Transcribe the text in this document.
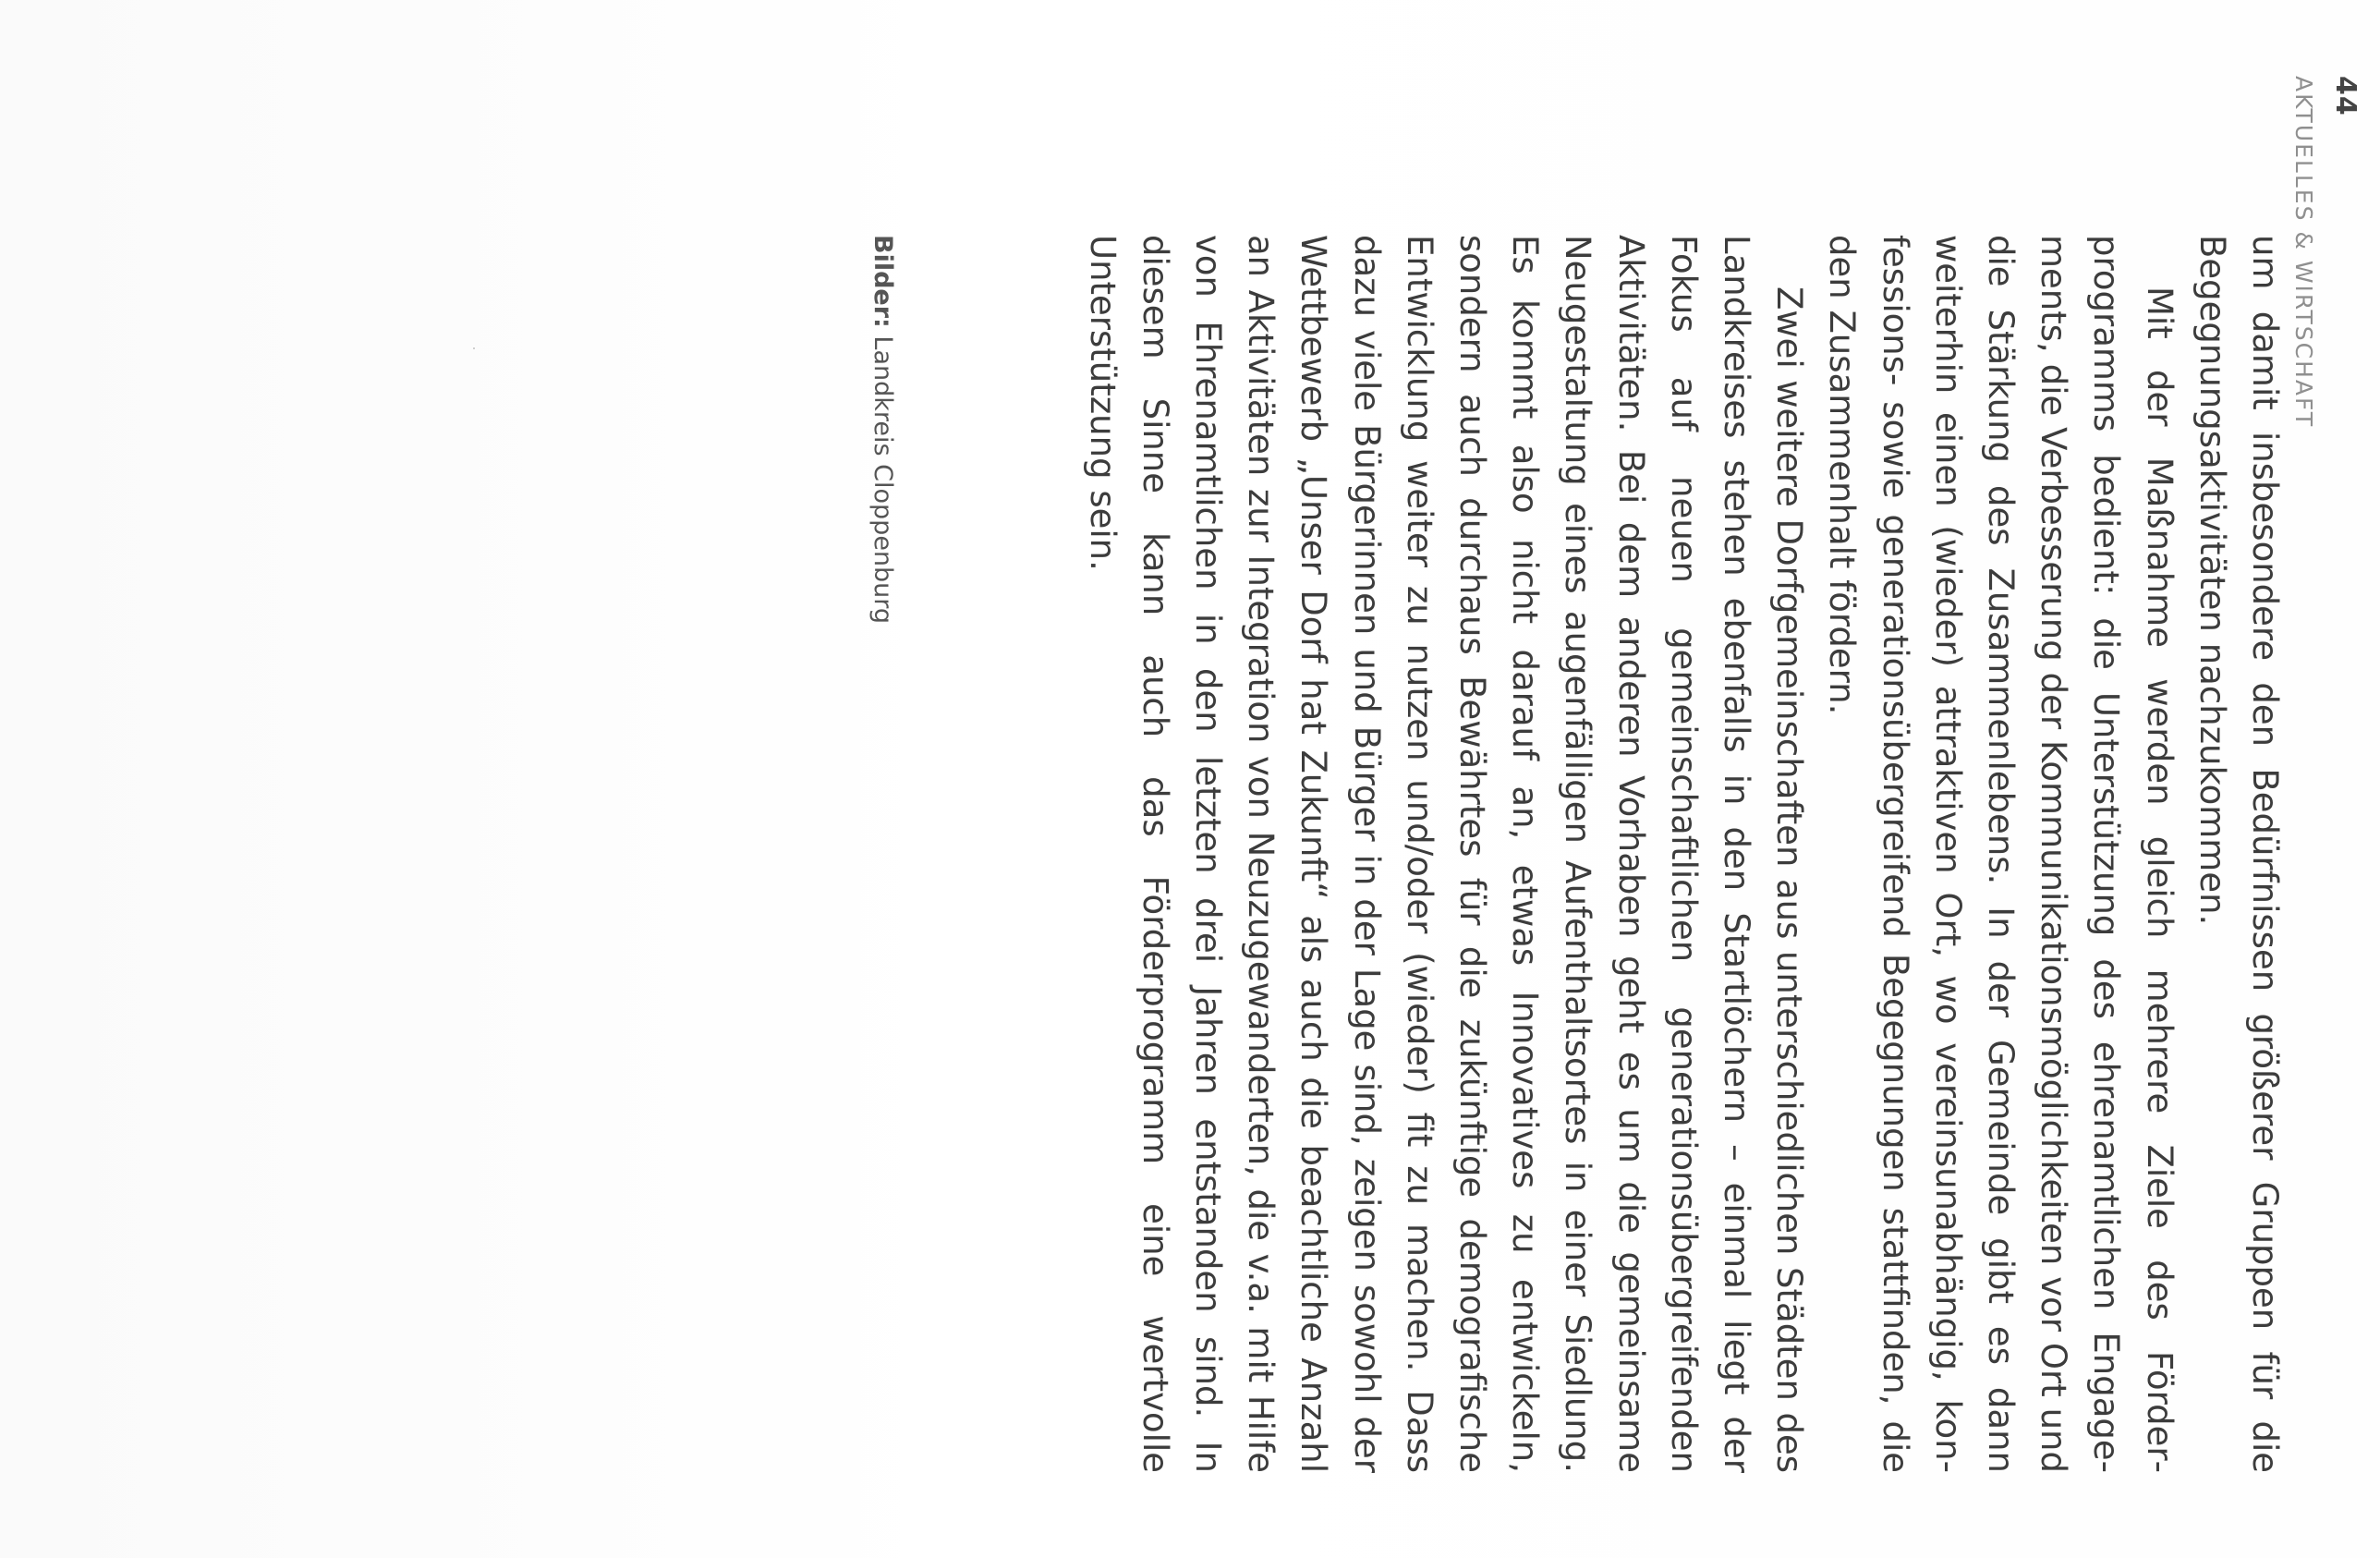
44
AKTUELLES & WIRTSCHAFT

um damit insbesondere den Bedürfnissen größerer Gruppen für die Begegnungsaktivitäten nachzukommen.

Mit der Maßnahme werden gleich mehrere Ziele des Förderprogramms bedient: die Unterstützung des ehrenamtlichen Engagements, die Verbesserung der Kommunikationsmöglichkeiten vor Ort und die Stärkung des Zusammenlebens. In der Gemeinde gibt es dann weiterhin einen (wieder) attraktiven Ort, wo vereinsunabhängig, konfessions- sowie generationsübergreifend Begegnungen stattfinden, die den Zusammenhalt fördern.

Zwei weitere Dorfgemeinschaften aus unterschiedlichen Städten des Landkreises stehen ebenfalls in den Startlöchern – einmal liegt der Fokus auf neuen gemeinschaftlichen generationsübergreifenden Aktivitäten. Bei dem anderen Vorhaben geht es um die gemeinsame Neugestaltung eines augenfälligen Aufenthaltsortes in einer Siedlung. Es kommt also nicht darauf an, etwas Innovatives zu entwickeln, sondern auch durchaus Bewährtes für die zukünftige demografische Entwicklung weiter zu nutzen und/oder (wieder) fit zu machen. Dass dazu viele Bürgerinnen und Bürger in der Lage sind, zeigen sowohl der Wettbewerb „Unser Dorf hat Zukunft“ als auch die beachtliche Anzahl an Aktivitäten zur Integration von Neuzugewanderten, die v.a. mit Hilfe von Ehrenamtlichen in den letzten drei Jahren entstanden sind. In diesem Sinne kann auch das Förderprogramm eine wertvolle Unterstützung sein.

Bilder: Landkreis Cloppenburg
